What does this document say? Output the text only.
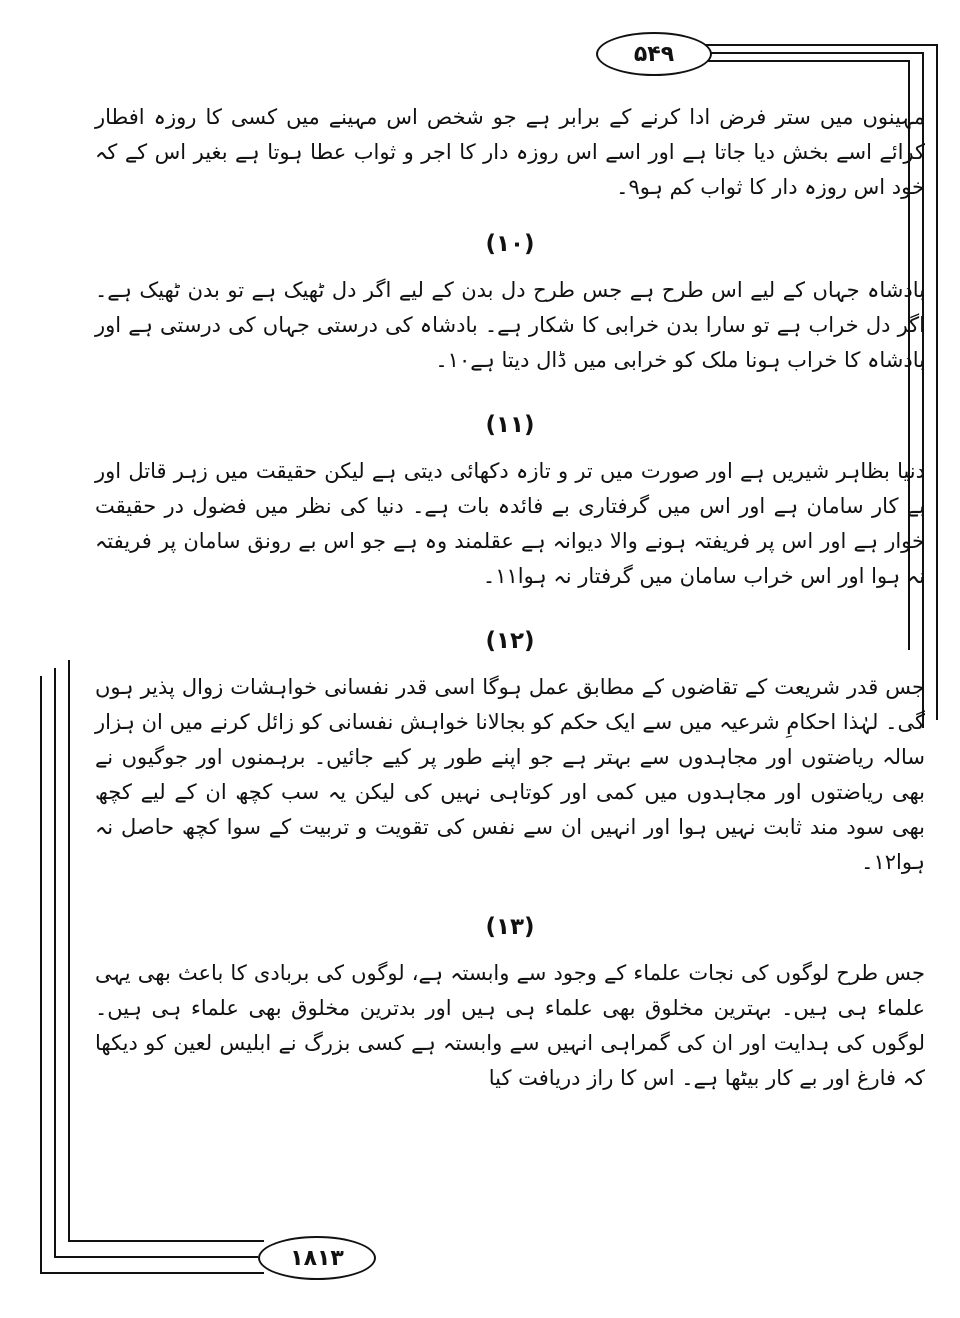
۵۴۹
۱۸۱۳

مہینوں میں ستر فرض ادا کرنے کے برابر ہے جو شخص اس مہینے میں کسی کا روزہ افطار کرائے اسے بخش دیا جاتا ہے اور اسے اس روزہ دار کا اجر و ثواب عطا ہوتا ہے بغیر اس کے کہ خود اس روزہ دار کا ثواب کم ہو۹۔

(۱۰)

بادشاہ جہاں کے لیے اس طرح ہے جس طرح دل بدن کے لیے اگر دل ٹھیک ہے تو بدن ٹھیک ہے۔ اگر دل خراب ہے تو سارا بدن خرابی کا شکار ہے۔ بادشاہ کی درستی جہاں کی درستی ہے اور بادشاہ کا خراب ہونا ملک کو خرابی میں ڈال دیتا ہے۱۰۔

(۱۱)

دنیا بظاہر شیریں ہے اور صورت میں تر و تازہ دکھائی دیتی ہے لیکن حقیقت میں زہر قاتل اور بے کار سامان ہے اور اس میں گرفتاری بے فائدہ بات ہے۔ دنیا کی نظر میں فضول در حقیقت خوار ہے اور اس پر فریفتہ ہونے والا دیوانہ ہے عقلمند وہ ہے جو اس بے رونق سامان پر فریفتہ نہ ہوا اور اس خراب سامان میں گرفتار نہ ہوا۱۱۔

(۱۲)

جس قدر شریعت کے تقاضوں کے مطابق عمل ہوگا اسی قدر نفسانی خواہشات زوال پذیر ہوں گی۔ لہٰذا احکامِ شرعیہ میں سے ایک حکم کو بجالانا خواہش نفسانی کو زائل کرنے میں ان ہزار سالہ ریاضتوں اور مجاہدوں سے بہتر ہے جو اپنے طور پر کیے جائیں۔ برہمنوں اور جوگیوں نے بھی ریاضتوں اور مجاہدوں میں کمی اور کوتاہی نہیں کی لیکن یہ سب کچھ ان کے لیے کچھ بھی سود مند ثابت نہیں ہوا اور انہیں ان سے نفس کی تقویت و تربیت کے سوا کچھ حاصل نہ ہوا۱۲۔

(۱۳)

جس طرح لوگوں کی نجات علماء کے وجود سے وابستہ ہے، لوگوں کی بربادی کا باعث بھی یہی علماء ہی ہیں۔ بہترین مخلوق بھی علماء ہی ہیں اور بدترین مخلوق بھی علماء ہی ہیں۔ لوگوں کی ہدایت اور ان کی گمراہی انہیں سے وابستہ ہے کسی بزرگ نے ابلیس لعین کو دیکھا کہ فارغ اور بے کار بیٹھا ہے۔ اس کا راز دریافت کیا
